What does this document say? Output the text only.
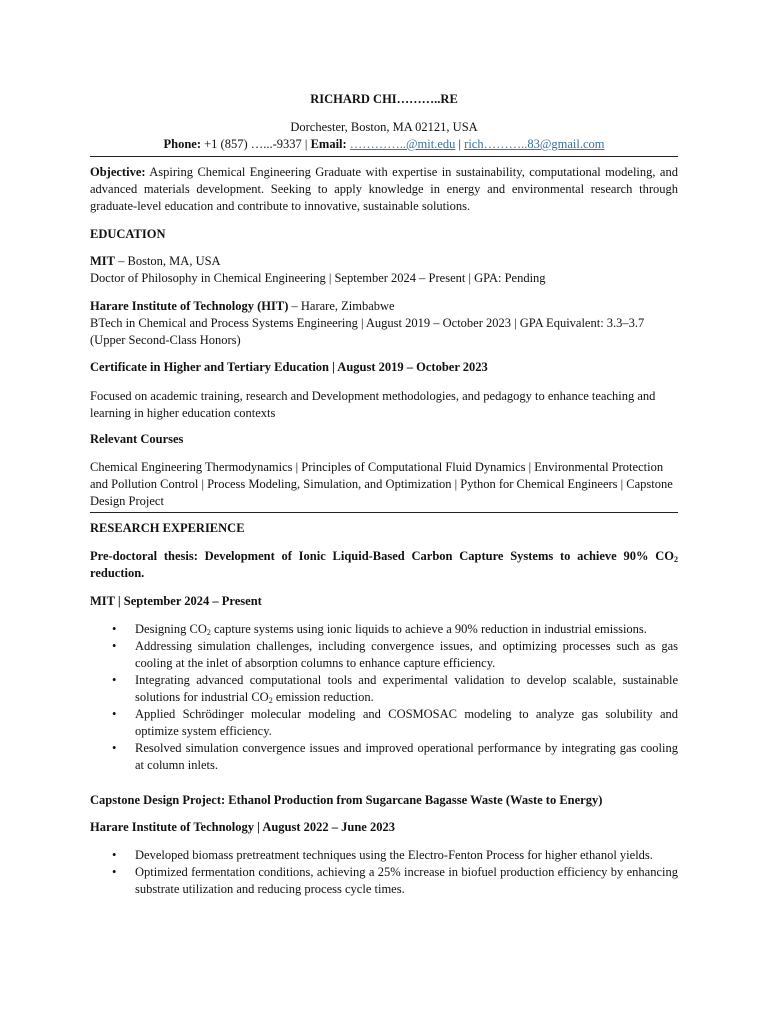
RICHARD CHI………..RE
Dorchester, Boston, MA 02121, USA
Phone: +1 (857) …...-9337 | Email: …………..@mit.edu | rich………..83@gmail.com
Objective: Aspiring Chemical Engineering Graduate with expertise in sustainability, computational modeling, and advanced materials development. Seeking to apply knowledge in energy and environmental research through graduate-level education and contribute to innovative, sustainable solutions.
EDUCATION
MIT – Boston, MA, USA
Doctor of Philosophy in Chemical Engineering | September 2024 – Present | GPA: Pending
Harare Institute of Technology (HIT) – Harare, Zimbabwe
BTech in Chemical and Process Systems Engineering | August 2019 – October 2023 | GPA Equivalent: 3.3–3.7
(Upper Second-Class Honors)
Certificate in Higher and Tertiary Education | August 2019 – October 2023
Focused on academic training, research and Development methodologies, and pedagogy to enhance teaching and learning in higher education contexts
Relevant Courses
Chemical Engineering Thermodynamics | Principles of Computational Fluid Dynamics | Environmental Protection and Pollution Control | Process Modeling, Simulation, and Optimization | Python for Chemical Engineers | Capstone Design Project
RESEARCH EXPERIENCE
Pre-doctoral thesis: Development of Ionic Liquid-Based Carbon Capture Systems to achieve 90% $CO_2$ reduction.
MIT | September 2024 – Present
• Designing $CO_2$ capture systems using ionic liquids to achieve a 90% reduction in industrial emissions.
• Addressing simulation challenges, including convergence issues, and optimizing processes such as gas cooling at the inlet of absorption columns to enhance capture efficiency.
• Integrating advanced computational tools and experimental validation to develop scalable, sustainable solutions for industrial $CO_2$ emission reduction.
• Applied Schrödinger molecular modeling and COSMOSAC modeling to analyze gas solubility and optimize system efficiency.
• Resolved simulation convergence issues and improved operational performance by integrating gas cooling at column inlets.
Capstone Design Project: Ethanol Production from Sugarcane Bagasse Waste (Waste to Energy)
Harare Institute of Technology | August 2022 – June 2023
• Developed biomass pretreatment techniques using the Electro-Fenton Process for higher ethanol yields.
• Optimized fermentation conditions, achieving a 25% increase in biofuel production efficiency by enhancing substrate utilization and reducing process cycle times.
